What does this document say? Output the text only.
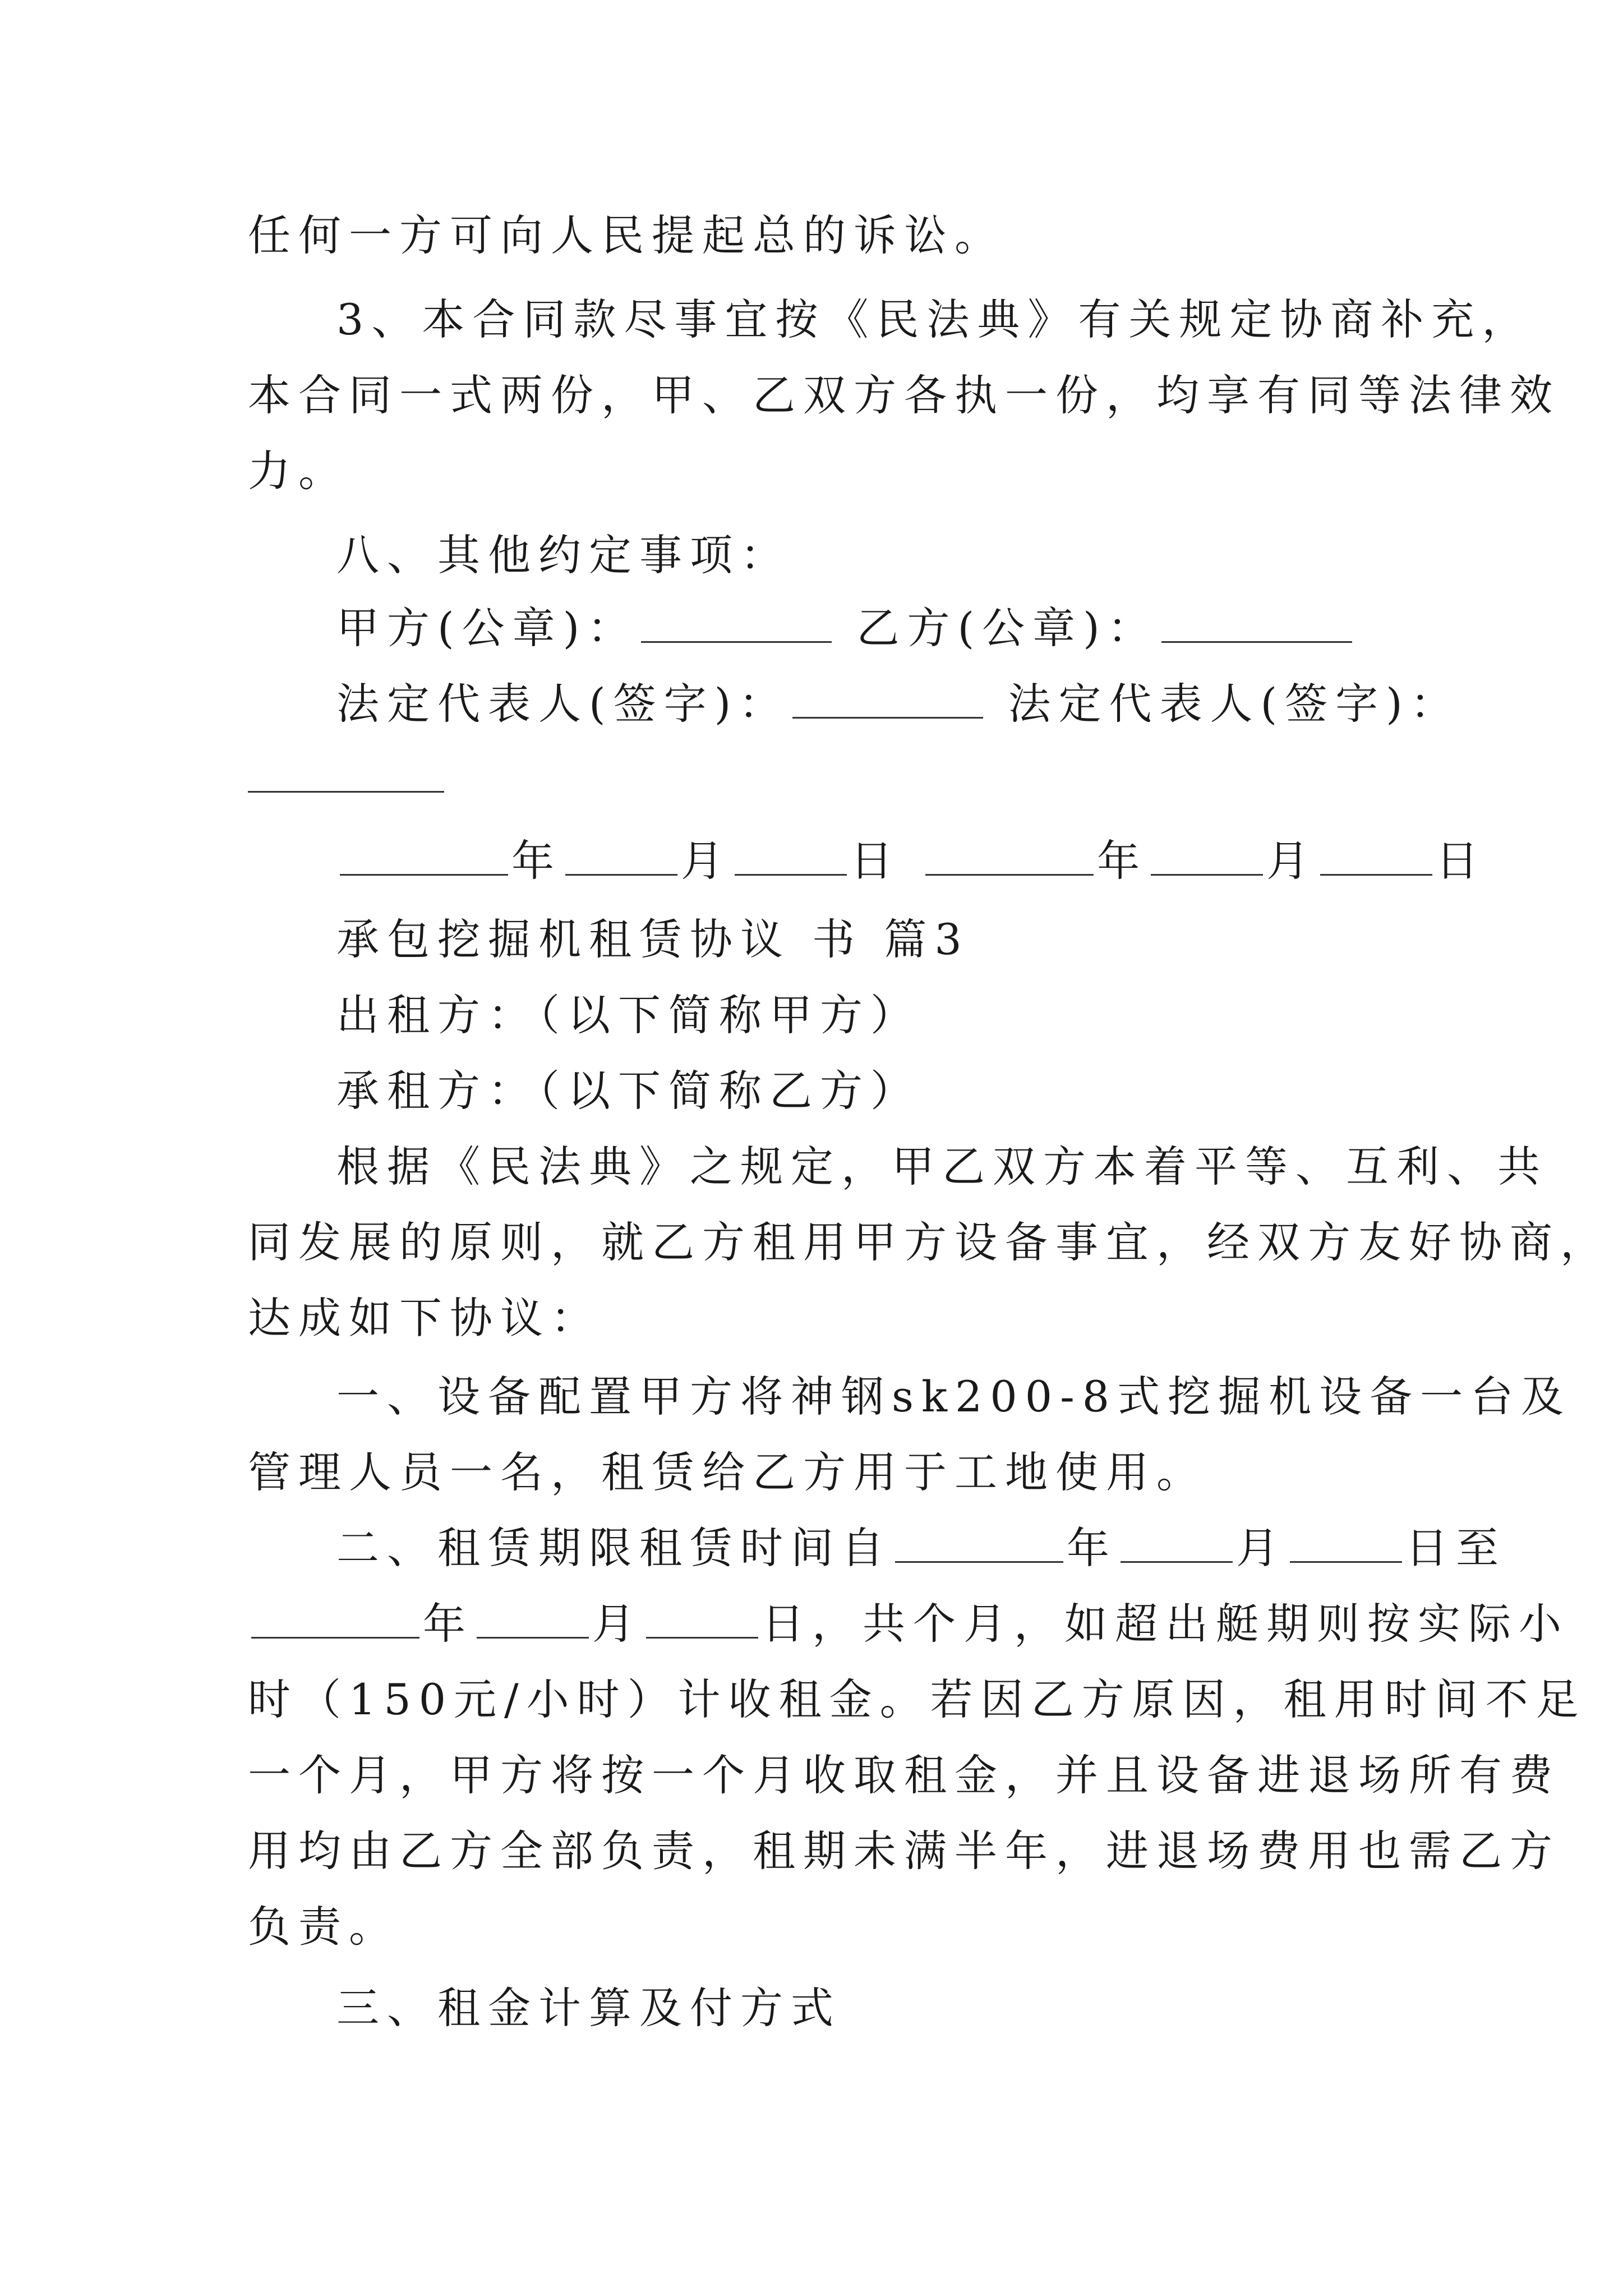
任何一方可向人民提起总的诉讼。
3、本合同款尽事宜按《民法典》有关规定协商补充，
本合同一式两份，甲、乙双方各执一份，均享有同等法律效
力。
八、其他约定事项：
甲方(公章)：	乙方(公章)：
法定代表人(签字)：	法定代表人(签字)：
年	月	日	年	月	日
承包挖掘机租赁协议 书 篇3
出租方：（以下简称甲方）
承租方：（以下简称乙方）
根据《民法典》之规定，甲乙双方本着平等、互利、共
同发展的原则，就乙方租用甲方设备事宜，经双方友好协商，
达成如下协议：
一、设备配置甲方将神钢sk200-8式挖掘机设备一台及
管理人员一名，租赁给乙方用于工地使用。
二、租赁期限租赁时间自	年	月	日至
年	月	日，共个月，如超出艇期则按实际小
时（150元/小时）计收租金。若因乙方原因，租用时间不足
一个月，甲方将按一个月收取租金，并且设备进退场所有费
用均由乙方全部负责，租期未满半年，进退场费用也需乙方
负责。
三、租金计算及付方式
